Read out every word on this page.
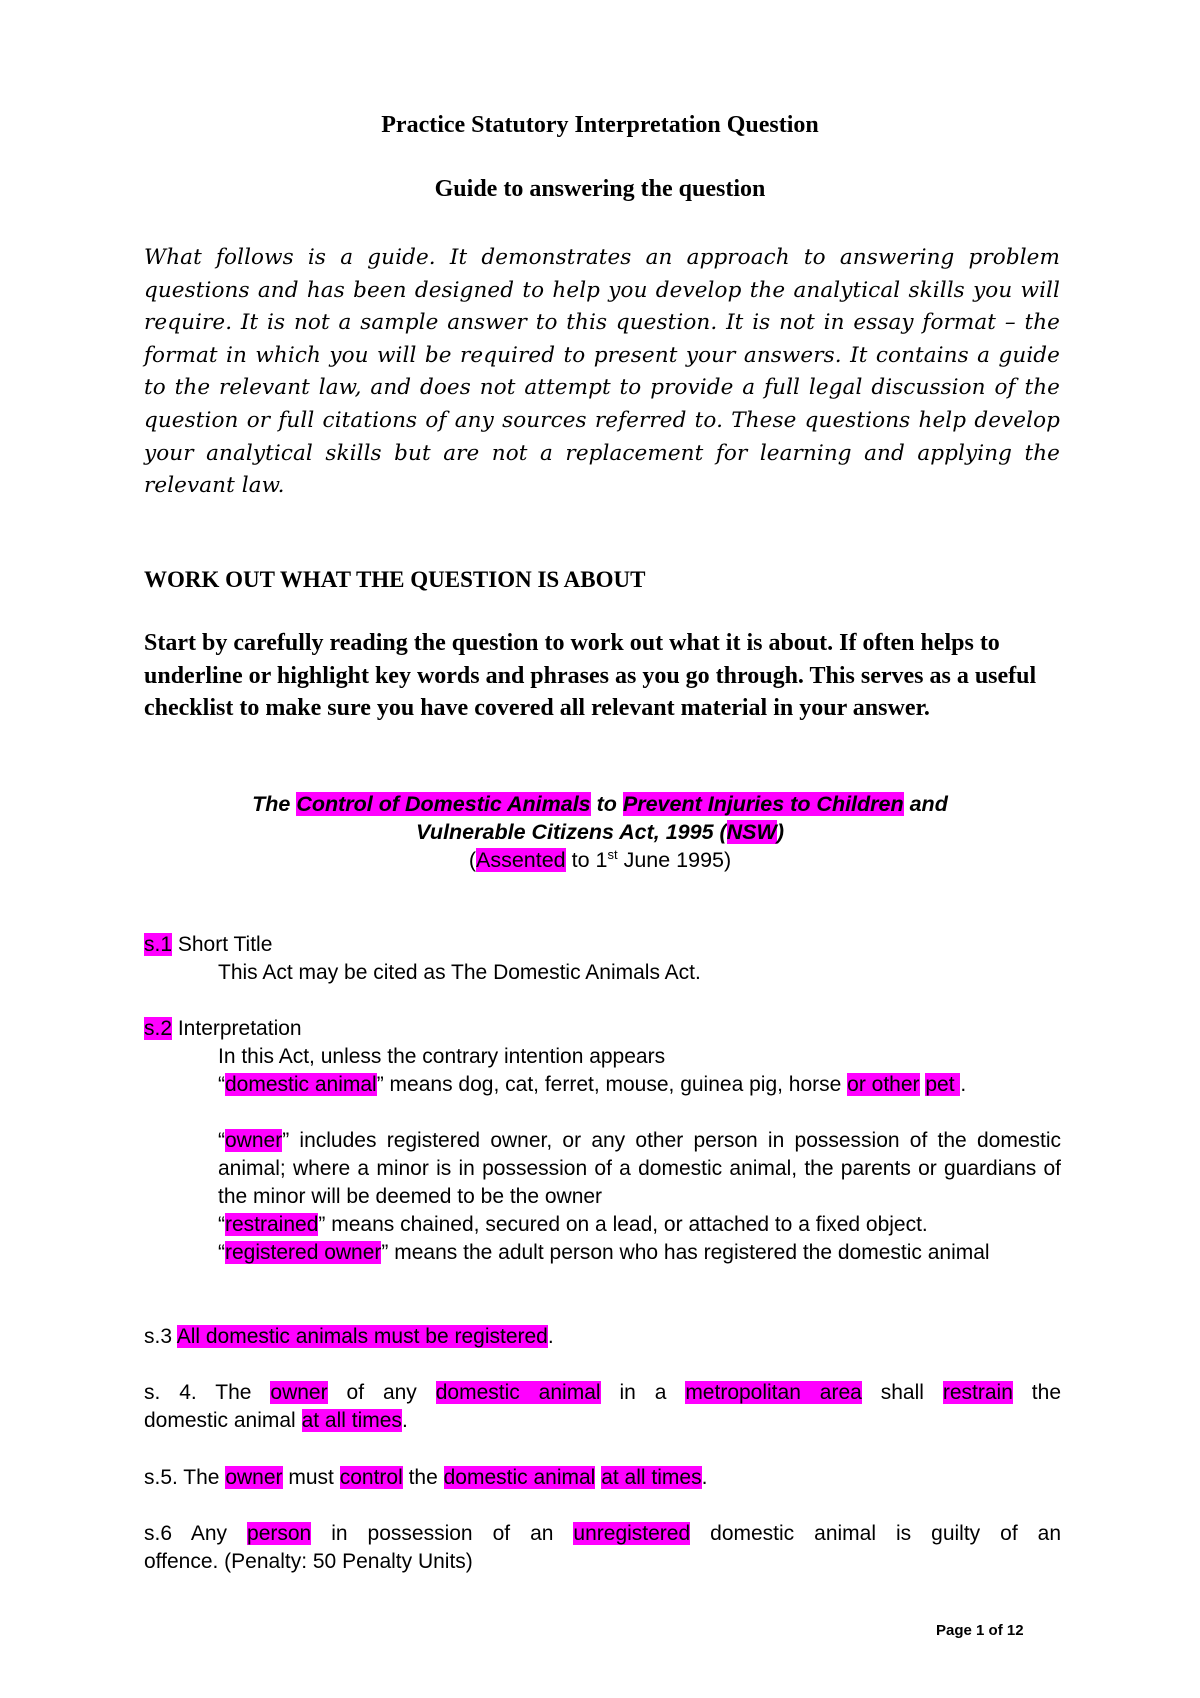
Practice Statutory Interpretation Question
Guide to answering the question
What follows is a guide. It demonstrates an approach to answering problem questions and has been designed to help you develop the analytical skills you will require. It is not a sample answer to this question. It is not in essay format – the format in which you will be required to present your answers. It contains a guide to the relevant law, and does not attempt to provide a full legal discussion of the question or full citations of any sources referred to. These questions help develop your analytical skills but are not a replacement for learning and applying the relevant law.
WORK OUT WHAT THE QUESTION IS ABOUT
Start by carefully reading the question to work out what it is about. If often helps to underline or highlight key words and phrases as you go through. This serves as a useful checklist to make sure you have covered all relevant material in your answer.
The Control of Domestic Animals to Prevent Injuries to Children and
Vulnerable Citizens Act, 1995 (NSW)
(Assented to 1st June 1995)
s.1 Short Title
This Act may be cited as The Domestic Animals Act.
s.2 Interpretation
In this Act, unless the contrary intention appears
“domestic animal” means dog, cat, ferret, mouse, guinea pig, horse or other pet .
“owner” includes registered owner, or any other person in possession of the domestic animal; where a minor is in possession of a domestic animal, the parents or guardians of the minor will be deemed to be the owner
“restrained” means chained, secured on a lead, or attached to a fixed object.
“registered owner” means the adult person who has registered the domestic animal
s.3 All domestic animals must be registered.
s. 4. The owner of any domestic animal in a metropolitan area shall restrain the
domestic animal at all times.
s.5. The owner must control the domestic animal at all times.
s.6 Any person in possession of an unregistered domestic animal is guilty of an
offence. (Penalty: 50 Penalty Units)
Page 1 of 12
